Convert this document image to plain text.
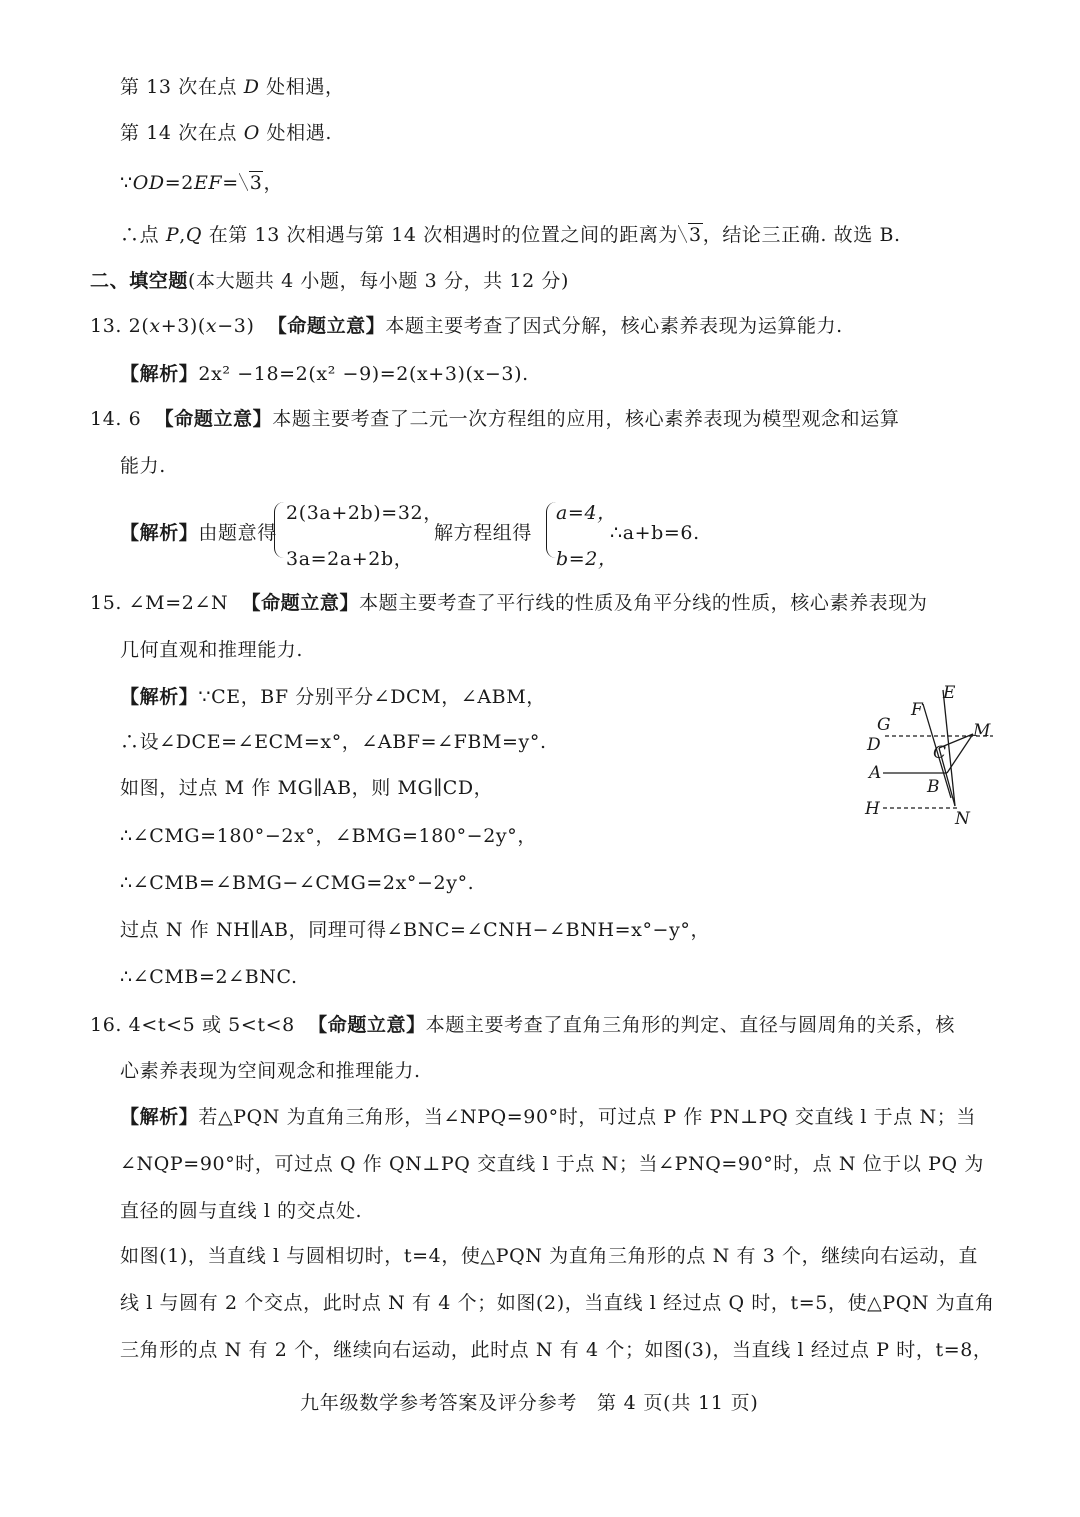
第 13 次在点 D 处相遇，
第 14 次在点 O 处相遇.
∵OD=2EF= 3，
∴点 P,Q 在第 13 次相遇与第 14 次相遇时的位置之间的距离为 3，结论三正确. 故选 B.
二、填空题(本大题共 4 小题，每小题 3 分，共 12 分)
13. 2(x+3)(x−3) 【命题立意】本题主要考查了因式分解，核心素养表现为运算能力.
【解析】2x² −18=2(x² −9)=2(x+3)(x−3).
14. 6 【命题立意】本题主要考查了二元一次方程组的应用，核心素养表现为模型观念和运算
能力.
【解析】由题意得
2(3a+2b)=32，
3a=2a+2b，
解方程组得
a=4，
b=2，
∴a+b=6.
15. ∠M=2∠N 【命题立意】本题主要考查了平行线的性质及角平分线的性质，核心素养表现为
几何直观和推理能力.
【解析】∵CE，BF 分别平分∠DCM，∠ABM，
∴设∠DCE=∠ECM=x°，∠ABF=∠FBM=y°.
如图，过点 M 作 MG∥AB，则 MG∥CD，
∴∠CMG=180°−2x°，∠BMG=180°−2y°，
∴∠CMB=∠BMG−∠CMG=2x°−2y°.
过点 N 作 NH∥AB，同理可得∠BNC=∠CNH−∠BNH=x°−y°，
∴∠CMB=2∠BNC.
E
F
G
D	C
M
A
B
H	N
16. 4<t<5 或 5<t<8 【命题立意】本题主要考查了直角三角形的判定、直径与圆周角的关系，核
心素养表现为空间观念和推理能力.
【解析】若△PQN 为直角三角形，当∠NPQ=90°时，可过点 P 作 PN⊥PQ 交直线 l 于点 N；当
∠NQP=90°时，可过点 Q 作 QN⊥PQ 交直线 l 于点 N；当∠PNQ=90°时，点 N 位于以 PQ 为
直径的圆与直线 l 的交点处.
如图(1)，当直线 l 与圆相切时，t=4，使△PQN 为直角三角形的点 N 有 3 个，继续向右运动，直
线 l 与圆有 2 个交点，此时点 N 有 4 个；如图(2)，当直线 l 经过点 Q 时，t=5，使△PQN 为直角
三角形的点 N 有 2 个，继续向右运动，此时点 N 有 4 个；如图(3)，当直线 l 经过点 P 时，t=8，
九年级数学参考答案及评分参考　第 4 页(共 11 页)
